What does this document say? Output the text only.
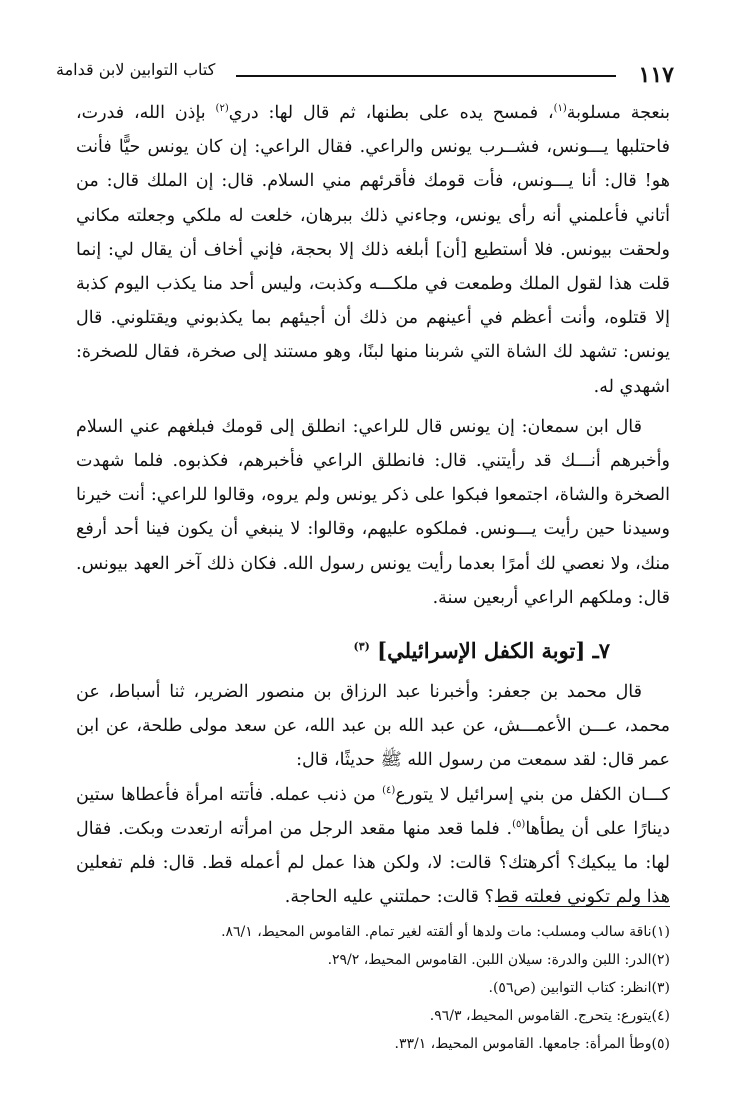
١١٧
كتاب التوابين لابن قدامة

بنعجة مسلوبة$^{(١)}$، فمسح يده على بطنها، ثم قال لها: دري$^{(٢)}$ بإذن الله، فدرت، فاحتلبها يـــونس، فشــرب يونس والراعي. فقال الراعي: إن كان يونس حيًّا فأنت هو! قال: أنا يـــونس، فأت قومك فأقرئهم مني السلام. قال: إن الملك قال: من أتاني فأعلمني أنه رأى يونس، وجاءني ذلك ببرهان، خلعت له ملكي وجعلته مكاني ولحقت بيونس. فلا أستطيع [أن] أبلغه ذلك إلا بحجة، فإني أخاف أن يقال لي: إنما قلت هذا لقول الملك وطمعت في ملكـــه وكذبت، وليس أحد منا يكذب اليوم كذبة إلا قتلوه، وأنت أعظم في أعينهم من ذلك أن أجيئهم بما يكذبوني ويقتلوني. قال يونس: تشهد لك الشاة التي شربنا منها لبنًا، وهو مستند إلى صخرة، فقال للصخرة: اشهدي له.

قال ابن سمعان: إن يونس قال للراعي: انطلق إلى قومك فبلغهم عني السلام وأخبرهم أنـــك قد رأيتني. قال: فانطلق الراعي فأخبرهم، فكذبوه. فلما شهدت الصخرة والشاة، اجتمعوا فبكوا على ذكر يونس ولم يروه، وقالوا للراعي: أنت خيرنا وسيدنا حين رأيت يـــونس. فملكوه عليهم، وقالوا: لا ينبغي أن يكون فينا أحد أرفع منك، ولا نعصي لك أمرًا بعدما رأيت يونس رسول الله. فكان ذلك آخر العهد بيونس. قال: وملكهم الراعي أربعين سنة.

٧ـ [توبة الكفل الإسرائيلي] $^{(٣)}$

قال محمد بن جعفر: وأخبرنا عبد الرزاق بن منصور الضرير، ثنا أسباط، عن محمد، عـــن الأعمـــش، عن عبد الله بن عبد الله، عن سعد مولى طلحة، عن ابن عمر قال: لقد سمعت من رسول الله ﷺ حديثًا، قال:

كـــان الكفل من بني إسرائيل لا يتورع$^{(٤)}$ من ذنب عمله. فأتته امرأة فأعطاها ستين دينارًا على أن يطأها$^{(٥)}$. فلما قعد منها مقعد الرجل من امرأته ارتعدت وبكت. فقال لها: ما يبكيك؟ أكرهتك؟ قالت: لا، ولكن هذا عمل لم أعمله قط. قال: فلم تفعلين هذا ولم تكوني فعلته قط؟ قالت: حملتني عليه الحاجة.

(١)ناقة سالب ومسلب: مات ولدها أو ألقته لغير تمام. القاموس المحيط، ٨٦/١.
(٢)الدر: اللبن والدرة: سيلان اللبن. القاموس المحيط، ٢٩/٢.
(٣)انظر: كتاب التوابين (ص٥٦).
(٤)يتورع: يتحرج. القاموس المحيط، ٩٦/٣.
(٥)وطأ المرأة: جامعها. القاموس المحيط، ٣٣/١.
